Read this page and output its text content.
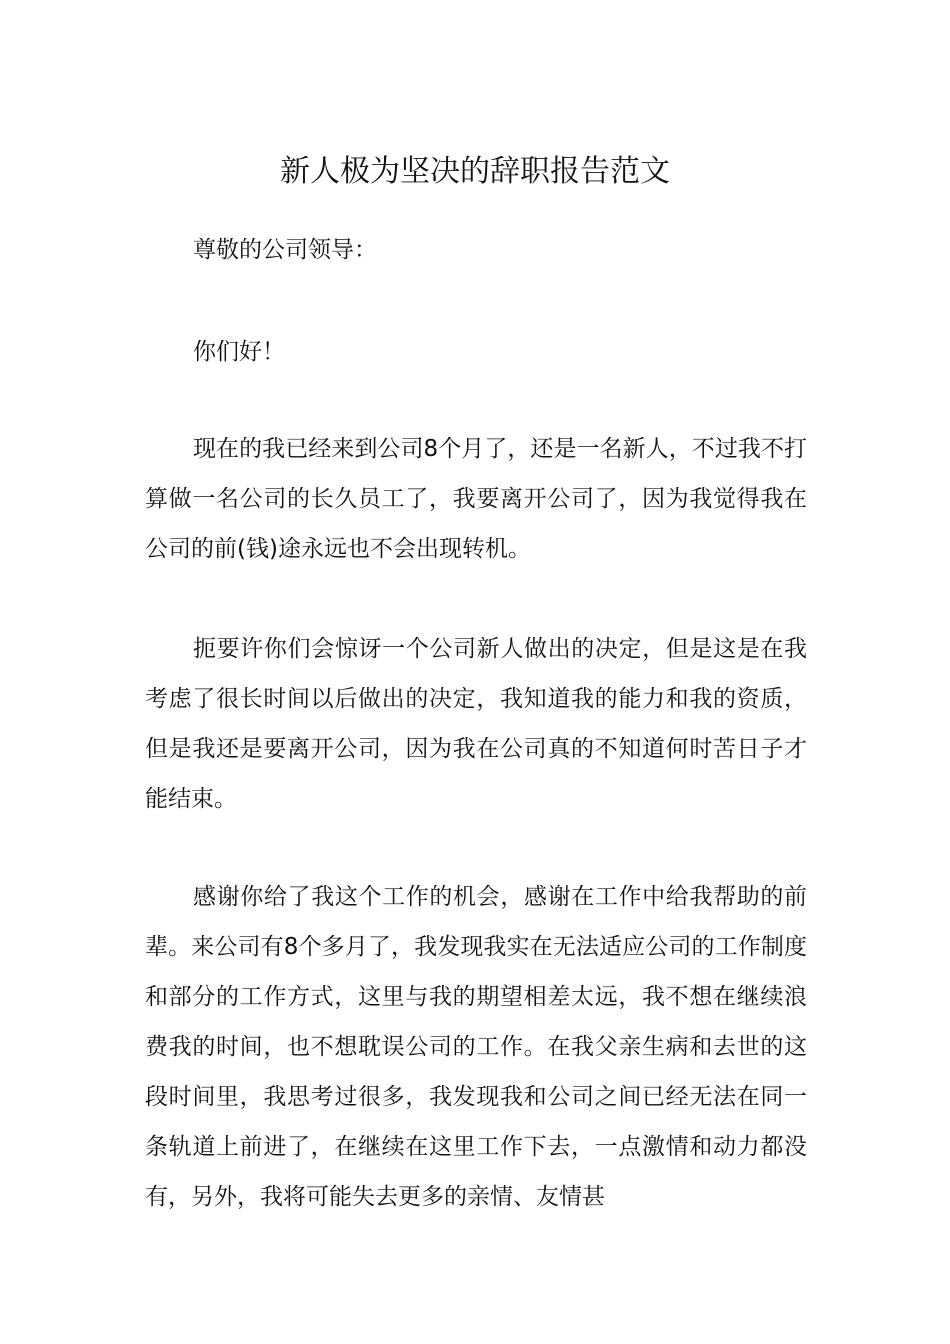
新人极为坚决的辞职报告范文

尊敬的公司领导：

你们好！

现在的我已经来到公司8个月了，还是一名新人，不过我不打算做一名公司的长久员工了，我要离开公司了，因为我觉得我在公司的前(钱)途永远也不会出现转机。

扼要许你们会惊讶一个公司新人做出的决定，但是这是在我考虑了很长时间以后做出的决定，我知道我的能力和我的资质，但是我还是要离开公司，因为我在公司真的不知道何时苦日子才能结束。

感谢你给了我这个工作的机会，感谢在工作中给我帮助的前辈。来公司有8个多月了，我发现我实在无法适应公司的工作制度和部分的工作方式，这里与我的期望相差太远，我不想在继续浪费我的时间，也不想耽误公司的工作。在我父亲生病和去世的这段时间里，我思考过很多，我发现我和公司之间已经无法在同一条轨道上前进了，在继续在这里工作下去，一点激情和动力都没有，另外，我将可能失去更多的亲情、友情甚
